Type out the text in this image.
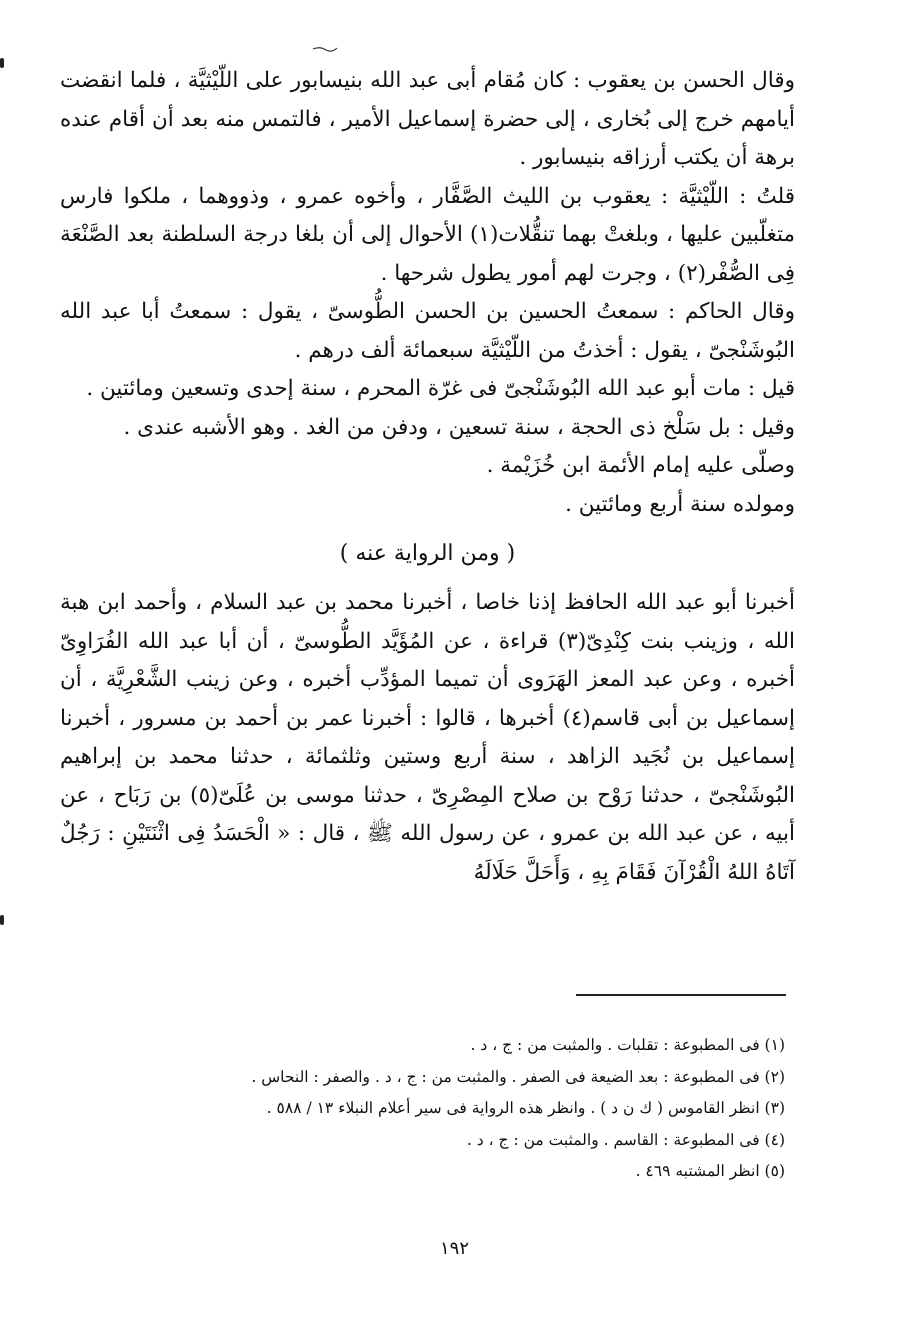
وقال الحسن بن يعقوب : كان مُقام أبى عبد الله بنيسابور على اللّيْثيَّة ، فلما انقضت أيامهم خرج إلى بُخارى ، إلى حضرة إسماعيل الأمير ، فالتمس منه بعد أن أقام عنده برهة أن يكتب أرزاقه بنيسابور .

قلتُ : اللّيْثيَّة : يعقوب بن الليث الصَّفَّار ، وأخوه عمرو ، وذووهما ، ملكوا فارس متغلّبين عليها ، وبلغتْ بهما تنقُّلات(١) الأحوال إلى أن بلغا درجة السلطنة بعد الصَّنْعَة فِى الصُّفْر(٢) ، وجرت لهم أمور يطول شرحها .

وقال الحاكم : سمعتُ الحسين بن الحسن الطُّوسىّ ، يقول : سمعتُ أبا عبد الله البُوشَنْجىّ ، يقول : أخذتُ من اللّيْثيَّة سبعمائة ألف درهم .

قيل : مات أبو عبد الله البُوشَنْجىّ فى غرّة المحرم ، سنة إحدى وتسعين ومائتين .

وقيل : بل سَلْخ ذى الحجة ، سنة تسعين ، ودفن من الغد . وهو الأشبه عندى .

وصلّى عليه إمام الأئمة ابن خُزَيْمة .

ومولده سنة أربع ومائتين .

( ومن الرواية عنه )

أخبرنا أبو عبد الله الحافظ إذنا خاصا ، أخبرنا محمد بن عبد السلام ، وأحمد ابن هبة الله ، وزينب بنت كِنْدِىّ(٣) قراءة ، عن المُؤَيَّد الطُّوسىّ ، أن أبا عبد الله الفُرَاوِىّ أخبره ، وعن عبد المعز الهَرَوى أن تميما المؤدِّب أخبره ، وعن زينب الشَّعْرِيَّة ، أن إسماعيل بن أبى قاسم(٤) أخبرها ، قالوا : أخبرنا عمر بن أحمد بن مسرور ، أخبرنا إسماعيل بن نُجَيد الزاهد ، سنة أربع وستين وثلثمائة ، حدثنا محمد بن إبراهيم البُوشَنْجىّ ، حدثنا رَوْح بن صلاح المِصْرِىّ ، حدثنا موسى بن عُلَىّ(٥) بن رَبَاح ، عن أبيه ، عن عبد الله بن عمرو ، عن رسول الله ﷺ ، قال : « الْحَسَدُ فِى اثْنَتَيْنِ : رَجُلٌ آتَاهُ اللهُ الْقُرْآنَ فَقَامَ بِهِ ، وَأَحَلَّ حَلَالَهُ

(١) فى المطبوعة : تقلبات . والمثبت من : ج ، د .

(٢) فى المطبوعة : بعد الضيعة فى الصفر . والمثبت من : ج ، د . والصفر : النحاس .

(٣) انظر القاموس ( ك ن د ) . وانظر هذه الرواية فى سير أعلام النبلاء ١٣ / ٥٨٨ .

(٤) فى المطبوعة : القاسم . والمثبت من : ج ، د .

(٥) انظر المشتبه ٤٦٩ .

١٩٢
